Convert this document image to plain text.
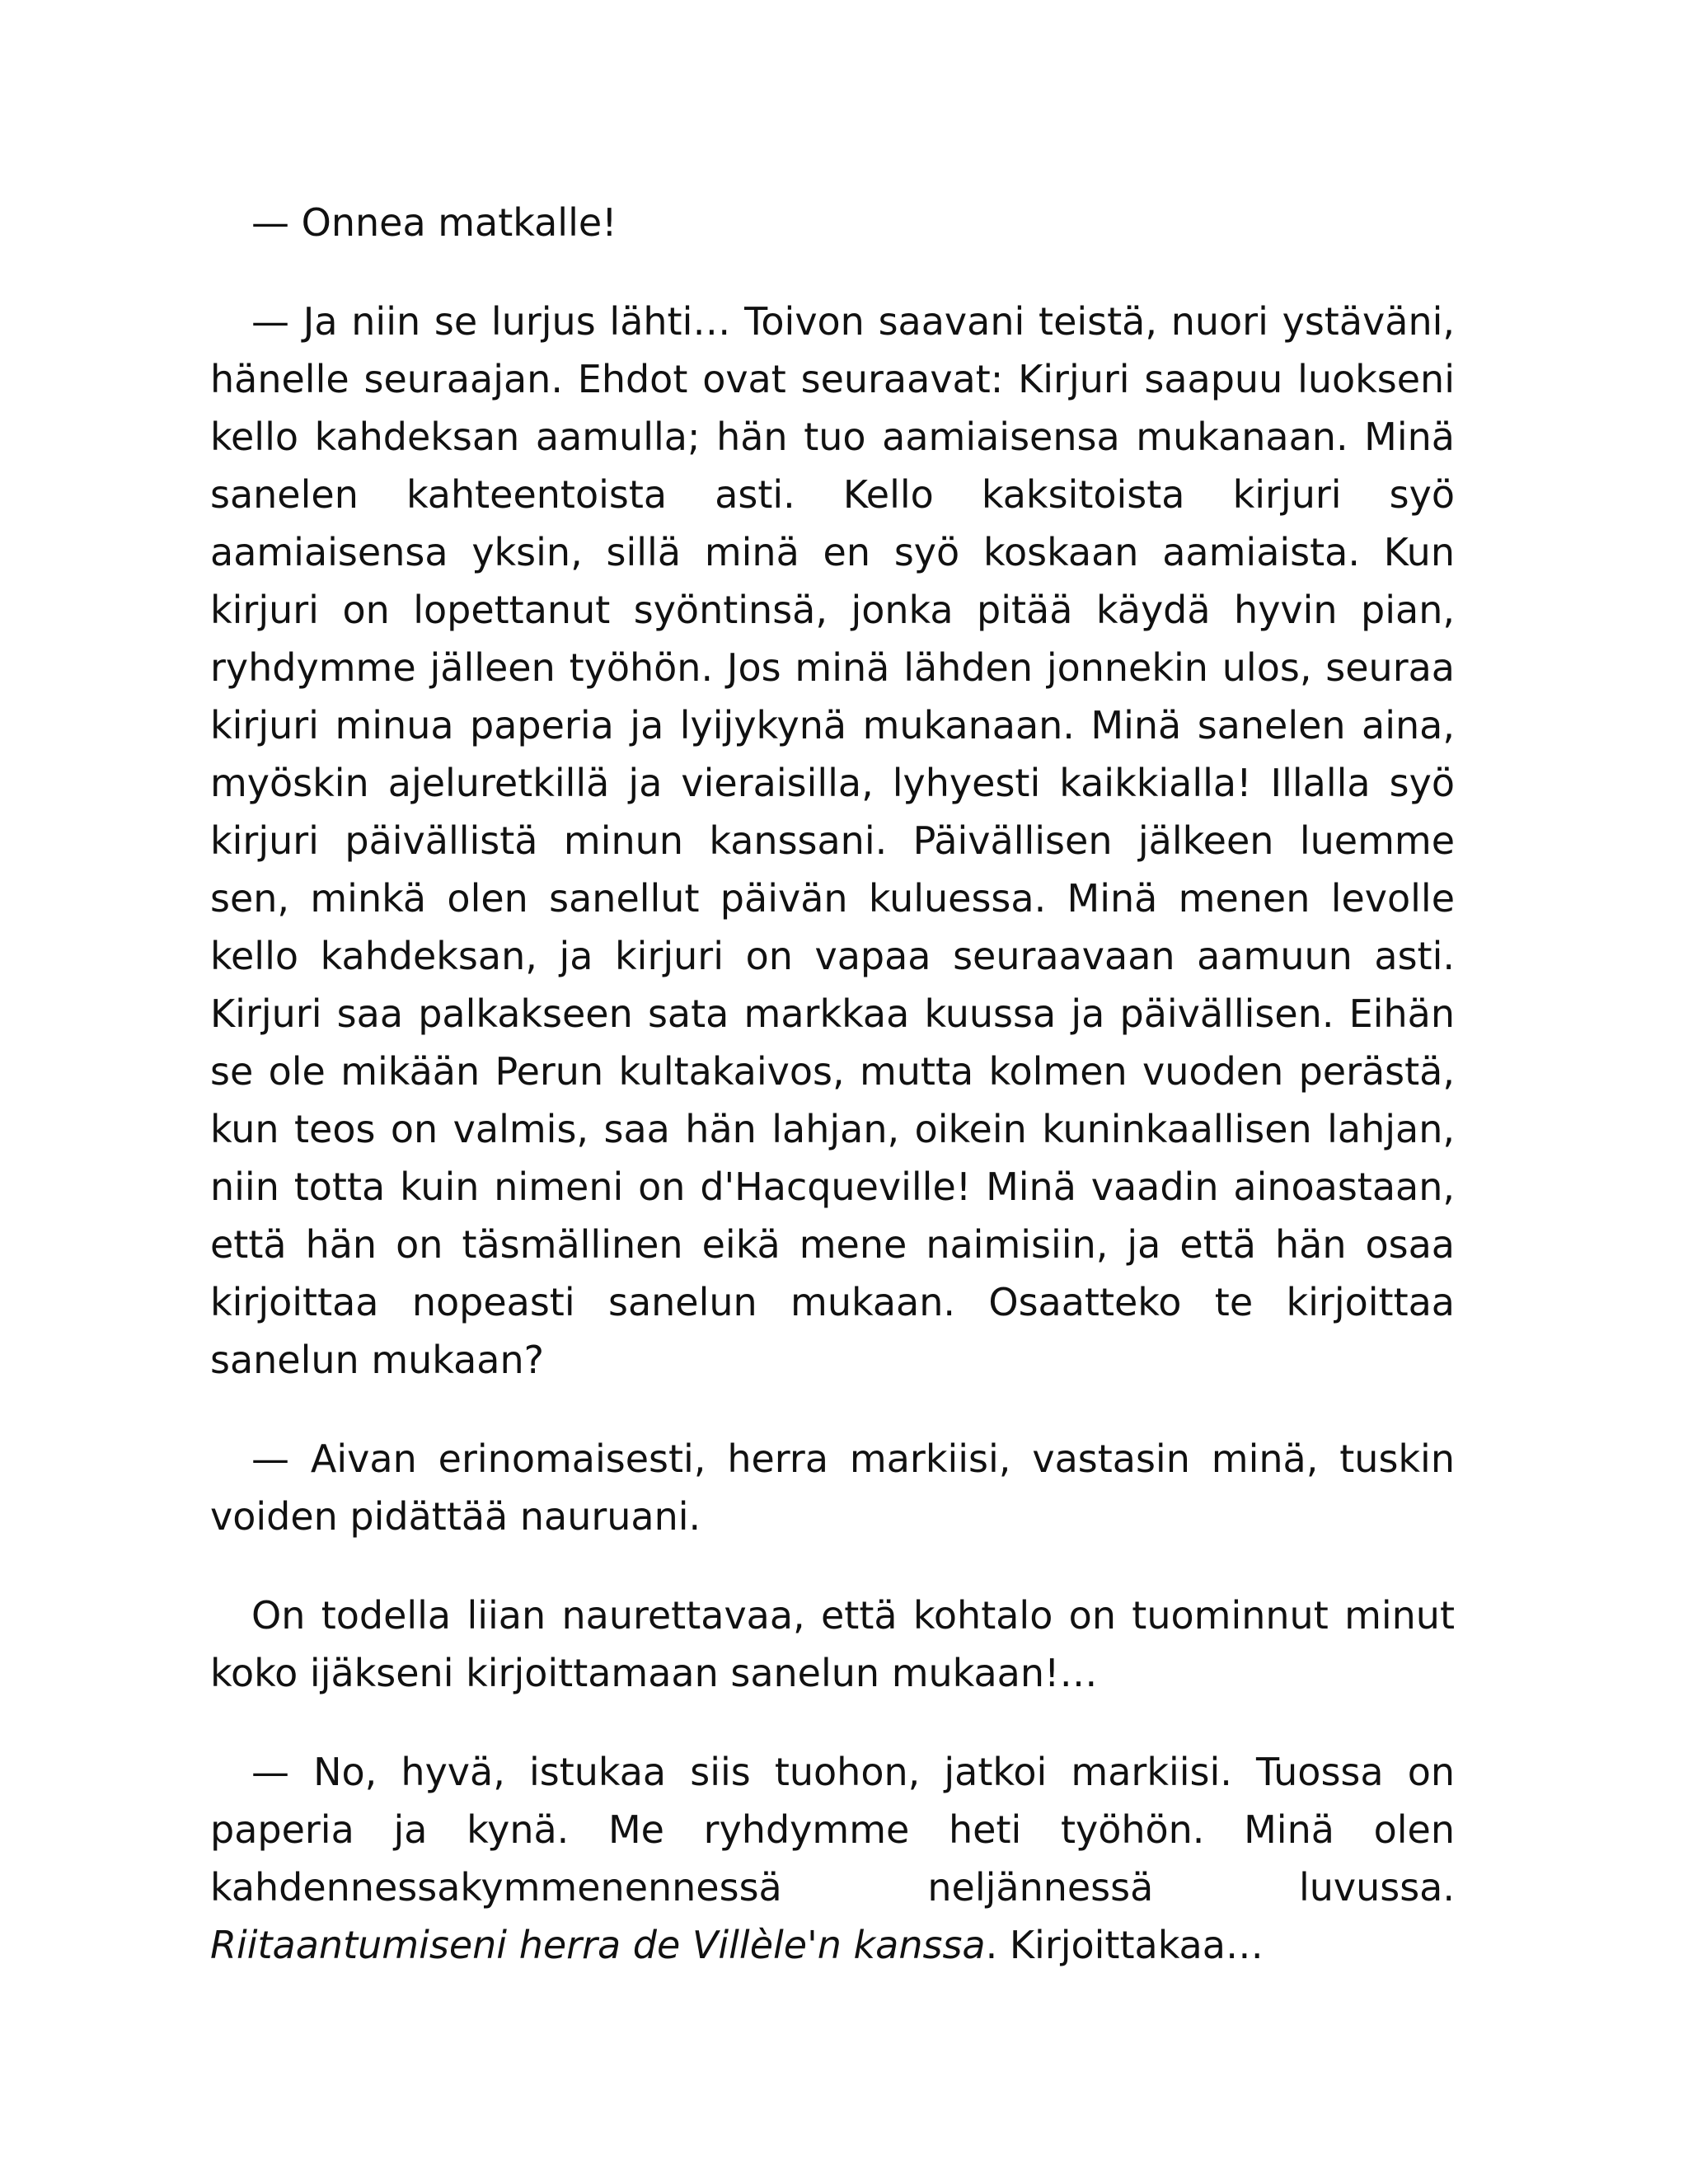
— Onnea matkalle!

— Ja niin se lurjus lähti… Toivon saavani teistä, nuori ystäväni, hänelle seuraajan. Ehdot ovat seuraavat: Kirjuri saapuu luokseni kello kahdeksan aamulla; hän tuo aamiaisensa mukanaan. Minä sanelen kahteentoista asti. Kello kaksitoista kirjuri syö aamiaisensa yksin, sillä minä en syö koskaan aamiaista. Kun kirjuri on lopettanut syöntinsä, jonka pitää käydä hyvin pian, ryhdymme jälleen työhön. Jos minä lähden jonnekin ulos, seuraa kirjuri minua paperia ja lyijykynä mukanaan. Minä sanelen aina, myöskin ajeluretkillä ja vieraisilla, lyhyesti kaikkialla! Illalla syö kirjuri päivällistä minun kanssani. Päivällisen jälkeen luemme sen, minkä olen sanellut päivän kuluessa. Minä menen levolle kello kahdeksan, ja kirjuri on vapaa seuraavaan aamuun asti. Kirjuri saa palkakseen sata markkaa kuussa ja päivällisen. Eihän se ole mikään Perun kultakaivos, mutta kolmen vuoden perästä, kun teos on valmis, saa hän lahjan, oikein kuninkaallisen lahjan, niin totta kuin nimeni on d'Hacqueville! Minä vaadin ainoastaan, että hän on täsmällinen eikä mene naimisiin, ja että hän osaa kirjoittaa nopeasti sanelun mukaan. Osaatteko te kirjoittaa sanelun mukaan?

— Aivan erinomaisesti, herra markiisi, vastasin minä, tuskin voiden pidättää nauruani.

On todella liian naurettavaa, että kohtalo on tuominnut minut koko ijäkseni kirjoittamaan sanelun mukaan!…

— No, hyvä, istukaa siis tuohon, jatkoi markiisi. Tuossa on paperia ja kynä. Me ryhdymme heti työhön. Minä olen kahdennessakymmenennessä neljännessä luvussa. Riitaantumiseni herra de Villèle'n kanssa. Kirjoittakaa…
